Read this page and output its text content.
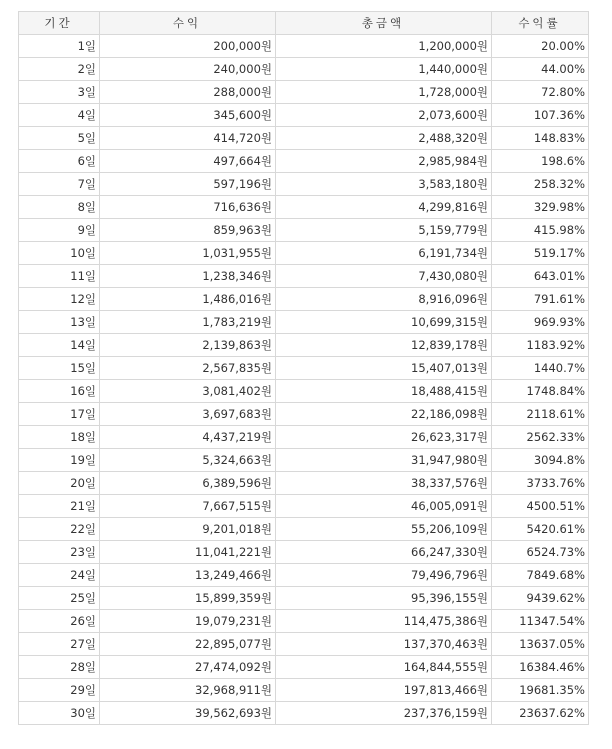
기간	수익	총금액	수익률
1일	200,000원	1,200,000원	20.00%
2일	240,000원	1,440,000원	44.00%
3일	288,000원	1,728,000원	72.80%
4일	345,600원	2,073,600원	107.36%
5일	414,720원	2,488,320원	148.83%
6일	497,664원	2,985,984원	198.6%
7일	597,196원	3,583,180원	258.32%
8일	716,636원	4,299,816원	329.98%
9일	859,963원	5,159,779원	415.98%
10일	1,031,955원	6,191,734원	519.17%
11일	1,238,346원	7,430,080원	643.01%
12일	1,486,016원	8,916,096원	791.61%
13일	1,783,219원	10,699,315원	969.93%
14일	2,139,863원	12,839,178원	1183.92%
15일	2,567,835원	15,407,013원	1440.7%
16일	3,081,402원	18,488,415원	1748.84%
17일	3,697,683원	22,186,098원	2118.61%
18일	4,437,219원	26,623,317원	2562.33%
19일	5,324,663원	31,947,980원	3094.8%
20일	6,389,596원	38,337,576원	3733.76%
21일	7,667,515원	46,005,091원	4500.51%
22일	9,201,018원	55,206,109원	5420.61%
23일	11,041,221원	66,247,330원	6524.73%
24일	13,249,466원	79,496,796원	7849.68%
25일	15,899,359원	95,396,155원	9439.62%
26일	19,079,231원	114,475,386원	11347.54%
27일	22,895,077원	137,370,463원	13637.05%
28일	27,474,092원	164,844,555원	16384.46%
29일	32,968,911원	197,813,466원	19681.35%
30일	39,562,693원	237,376,159원	23637.62%
